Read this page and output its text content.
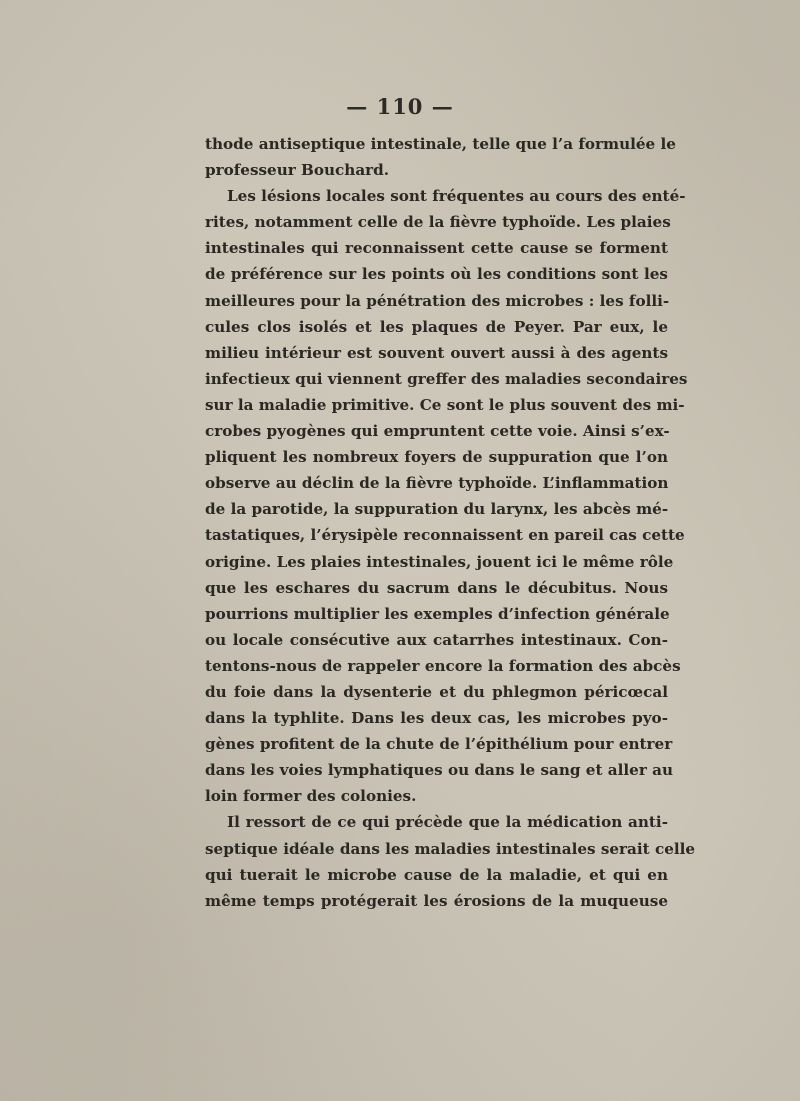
— 110 —
thode antiseptique intestinale, telle que l’a formulée le
professeur Bouchard.
Les lésions locales sont fréquentes au cours des enté-
rites, notamment celle de la fièvre typhoïde. Les plaies
intestinales qui reconnaissent cette cause se forment
de préférence sur les points où les conditions sont les
meilleures pour la pénétration des microbes : les folli-
cules clos isolés et les plaques de Peyer. Par eux, le
milieu intérieur est souvent ouvert aussi à des agents
infectieux qui viennent greffer des maladies secondaires
sur la maladie primitive. Ce sont le plus souvent des mi-
crobes pyogènes qui empruntent cette voie. Ainsi s’ex-
pliquent les nombreux foyers de suppuration que l’on
observe au déclin de la fièvre typhoïde. L’inflammation
de la parotide, la suppuration du larynx, les abcès mé-
tastatiques, l’érysipèle reconnaissent en pareil cas cette
origine. Les plaies intestinales, jouent ici le même rôle
que les eschares du sacrum dans le décubitus. Nous
pourrions multiplier les exemples d’infection générale
ou locale consécutive aux catarrhes intestinaux. Con-
tentons-nous de rappeler encore la formation des abcès
du foie dans la dysenterie et du phlegmon péricœcal
dans la typhlite. Dans les deux cas, les microbes pyo-
gènes profitent de la chute de l’épithélium pour entrer
dans les voies lymphatiques ou dans le sang et aller au
loin former des colonies.
Il ressort de ce qui précède que la médication anti-
septique idéale dans les maladies intestinales serait celle
qui tuerait le microbe cause de la maladie, et qui en
même temps protégerait les érosions de la muqueuse
